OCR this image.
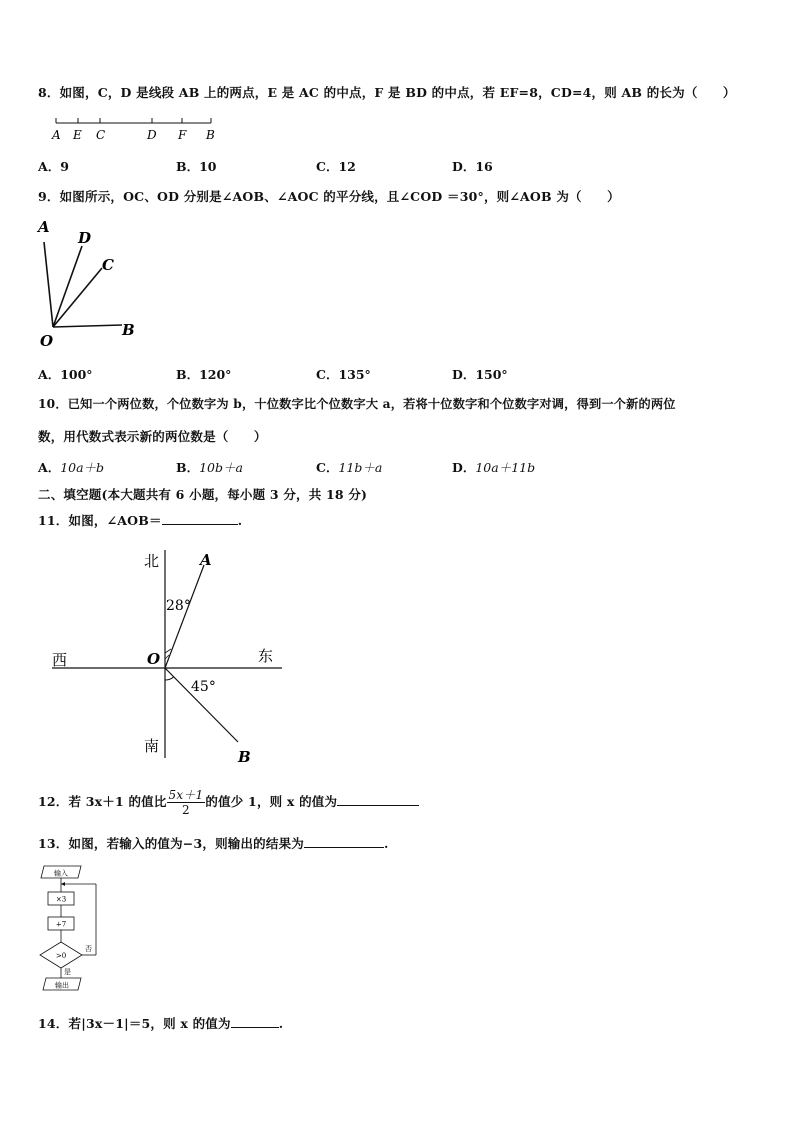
8．如图，C，D 是线段 AB 上的两点，E 是 AC 的中点，F 是 BD 的中点，若 EF=8，CD=4，则 AB 的长为（　　）
A E C	D F B
A．9	B．10	C．12	D．16
9．如图所示，OC、OD 分别是∠AOB、∠AOC 的平分线，且∠COD ＝30°，则∠AOB 为（　　）
A
D
C
O
B
A．100°	B．120°	C．135°	D．150°
10．已知一个两位数，个位数字为 b，十位数字比个位数字大 a，若将十位数字和个位数字对调，得到一个新的两位
数，用代数式表示新的两位数是（　　）
A．10a＋b	B．10b＋a	C．11b＋a	D．10a＋11b
二、填空题(本大题共有 6 小题，每小题 3 分，共 18 分)
11．如图，∠AOB＝	.
北
南
西	东
O
A
B
28°
45°
12．若 3x＋1 的值比 $\frac{5x+1}{2}$ 的值少 1，则 x 的值为
13．如图，若输入的值为−3，则输出的结果为	.
输入
×3
+7
>0
否
是
输出
14．若|3x－1|＝5，则 x 的值为	.
